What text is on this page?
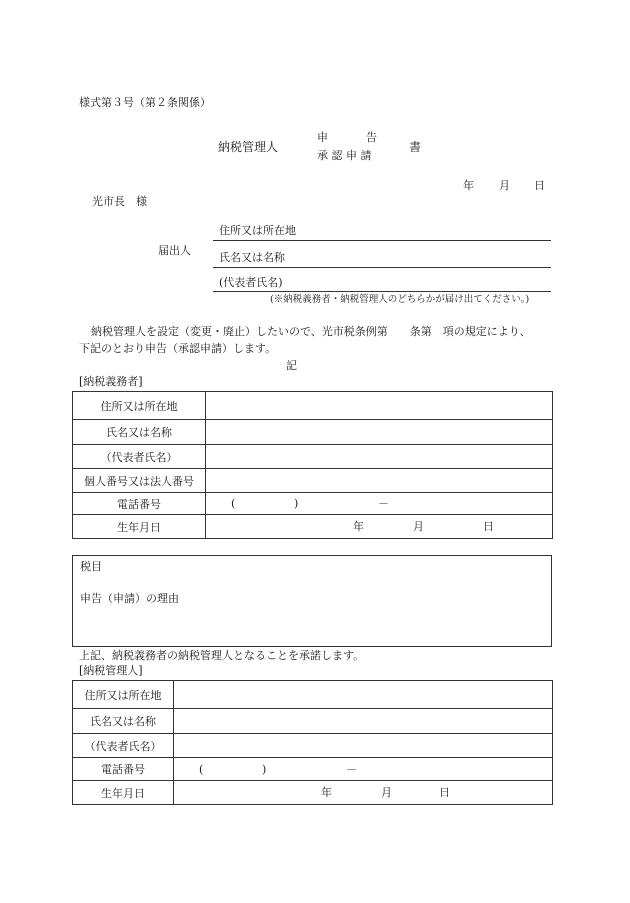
様式第３号（第２条関係）
納税管理人
申	告
承 認 申 請
書
年 月 日
光市長　様
届出人
住所又は所在地
氏名又は名称
(代表者氏名)
(※納税義務者・納税管理人のどちらかが届け出てください。)
納税管理人を設定（変更・廃止）したいので、光市税条例第　　条第　項の規定により、
下記のとおり申告（承認申請）します。
記
[納税義務者]
住所又は所在地	
氏名又は名称	
（代表者氏名）	
個人番号又は法人番号	
電話番号	( ) －

生年月日	年 月 日
税目
申告（申請）の理由
上記、納税義務者の納税管理人となることを承諾します。
[納税管理人]
住所又は所在地	
氏名又は名称	
（代表者氏名）	
電話番号	( ) －

生年月日	年 月 日
